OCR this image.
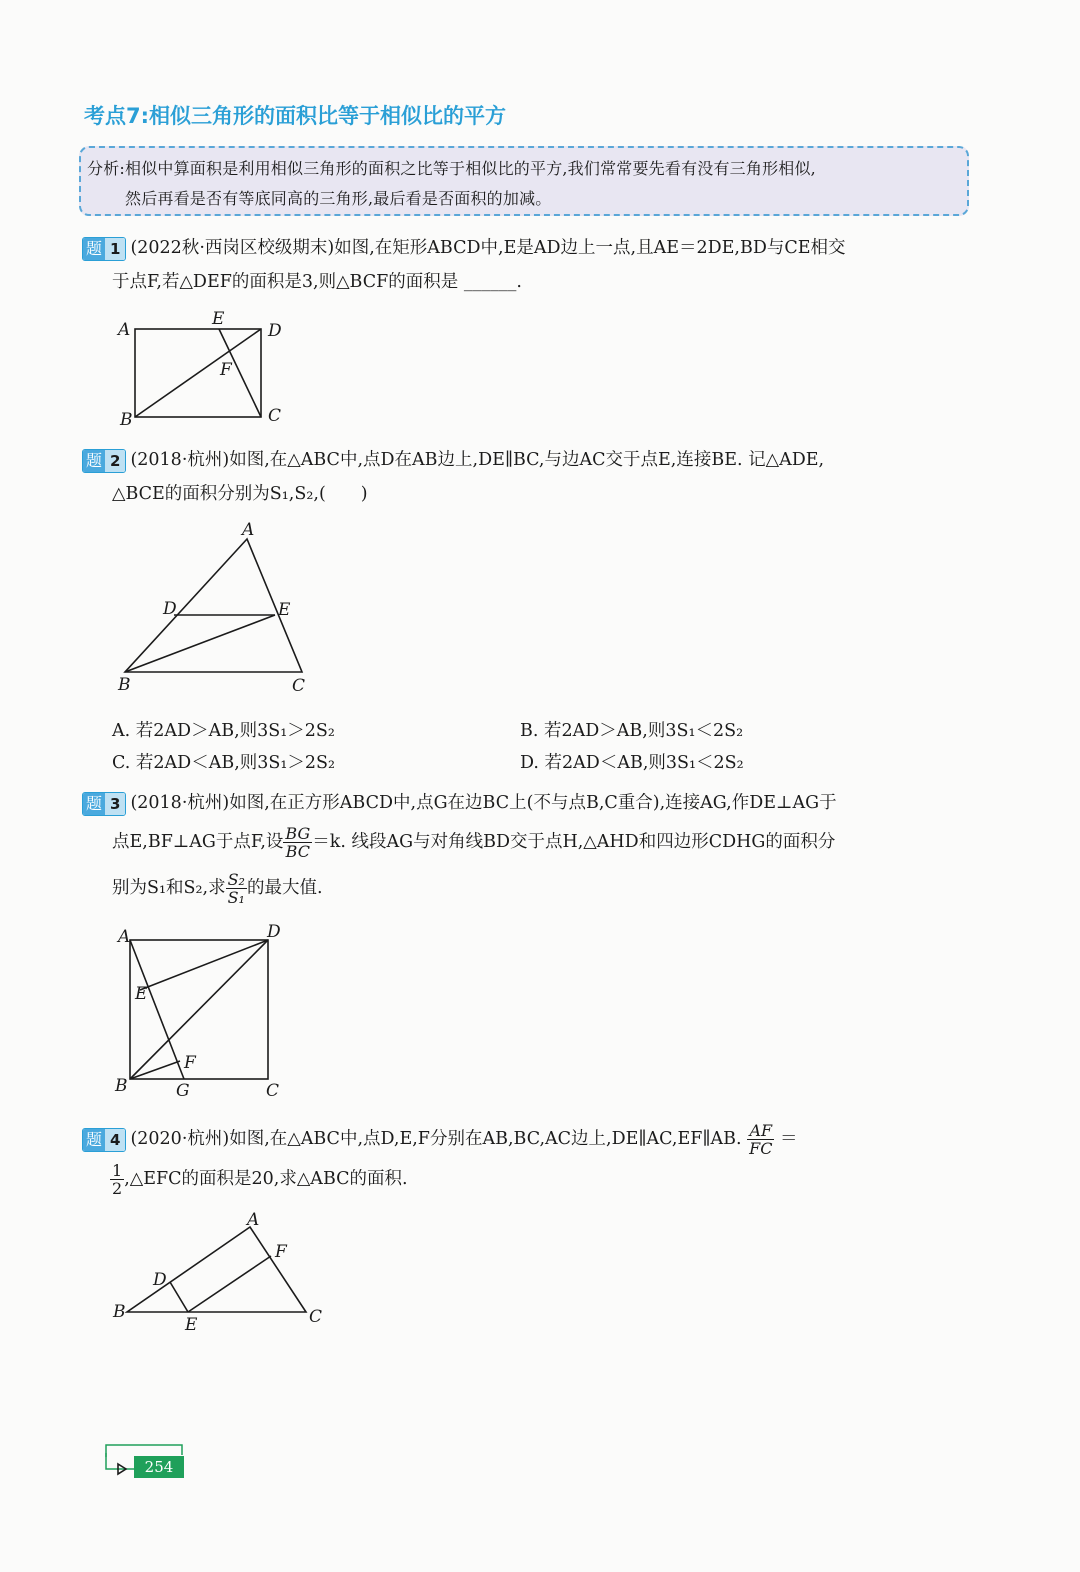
考点7:相似三角形的面积比等于相似比的平方
分析:相似中算面积是利用相似三角形的面积之比等于相似比的平方,我们常常要先看有没有三角形相似,
然后再看是否有等底同高的三角形,最后看是否面积的加减。
题 1 (2022秋·西岗区校级期末)如图,在矩形ABCD中,E是AD边上一点,且AE＝2DE,BD与CE相交
于点F,若△DEF的面积是3,则△BCF的面积是 ______.
A
B	C
D
E
F
题 2 (2018·杭州)如图,在△ABC中,点D在AB边上,DE∥BC,与边AC交于点E,连接BE. 记△ADE,
△BCE的面积分别为S₁,S₂,(　　)
A
B	C
D	E
A. 若2AD＞AB,则3S₁＞2S₂	B. 若2AD＞AB,则3S₁＜2S₂
C. 若2AD＜AB,则3S₁＞2S₂	D. 若2AD＜AB,则3S₁＜2S₂
题 3 (2018·杭州)如图,在正方形ABCD中,点G在边BC上(不与点B,C重合),连接AG,作DE⊥AG于
点E,BF⊥AG于点F,设 $\frac{BG}{BC} =k$. 线段AG与对角线BD交于点H,△AHD和四边形CDHG的面积分
别为S₁和S₂,求 $\frac{\text{S₂}}{\text{S₁}}$ 的最大值.
A
B	C
D
E
F
G
题 4 (2020·杭州)如图,在△ABC中,点D,E,F分别在AB,BC,AC边上,DE∥AC,EF∥AB. $\frac{AF}{FC}$ ＝
$\frac{1}{2}$ ,△EFC的面积是20,求△ABC的面积.
A
B	C
D
E
F
254
